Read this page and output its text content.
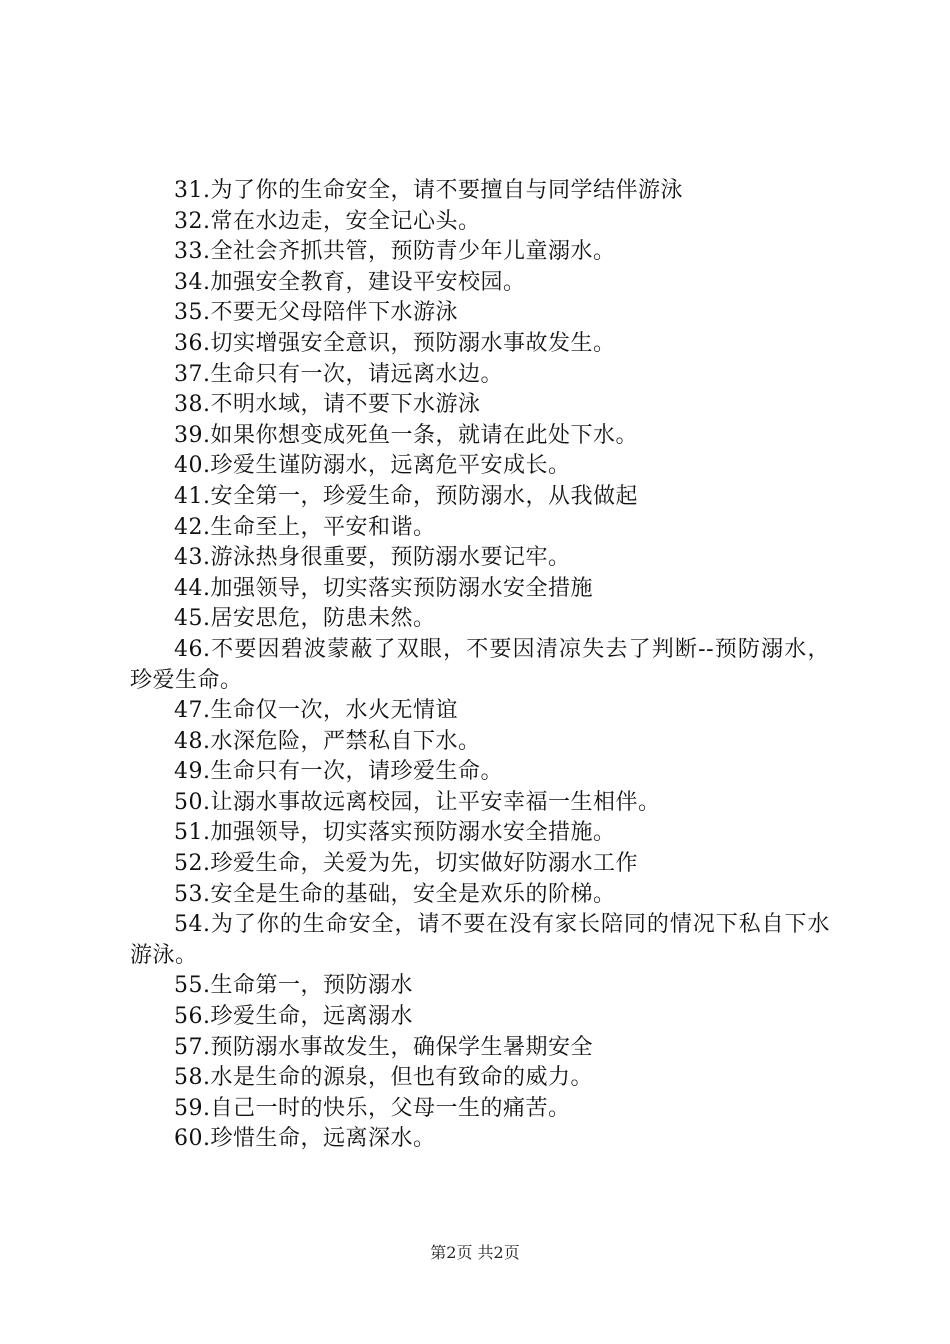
31.为了你的生命安全，请不要擅自与同学结伴游泳
32.常在水边走，安全记心头。
33.全社会齐抓共管，预防青少年儿童溺水。
34.加强安全教育，建设平安校园。
35.不要无父母陪伴下水游泳
36.切实增强安全意识，预防溺水事故发生。
37.生命只有一次，请远离水边。
38.不明水域，请不要下水游泳
39.如果你想变成死鱼一条，就请在此处下水。
40.珍爱生谨防溺水，远离危平安成长。
41.安全第一，珍爱生命，预防溺水，从我做起
42.生命至上，平安和谐。
43.游泳热身很重要，预防溺水要记牢。
44.加强领导，切实落实预防溺水安全措施
45.居安思危，防患未然。
46.不要因碧波蒙蔽了双眼，不要因清凉失去了判断--预防溺水，珍爱生命。
47.生命仅一次，水火无情谊
48.水深危险，严禁私自下水。
49.生命只有一次，请珍爱生命。
50.让溺水事故远离校园，让平安幸福一生相伴。
51.加强领导，切实落实预防溺水安全措施。
52.珍爱生命，关爱为先，切实做好防溺水工作
53.安全是生命的基础，安全是欢乐的阶梯。
54.为了你的生命安全，请不要在没有家长陪同的情况下私自下水游泳。
55.生命第一，预防溺水
56.珍爱生命，远离溺水
57.预防溺水事故发生，确保学生暑期安全
58.水是生命的源泉，但也有致命的威力。
59.自己一时的快乐，父母一生的痛苦。
60.珍惜生命，远离深水。
第2页 共2页
